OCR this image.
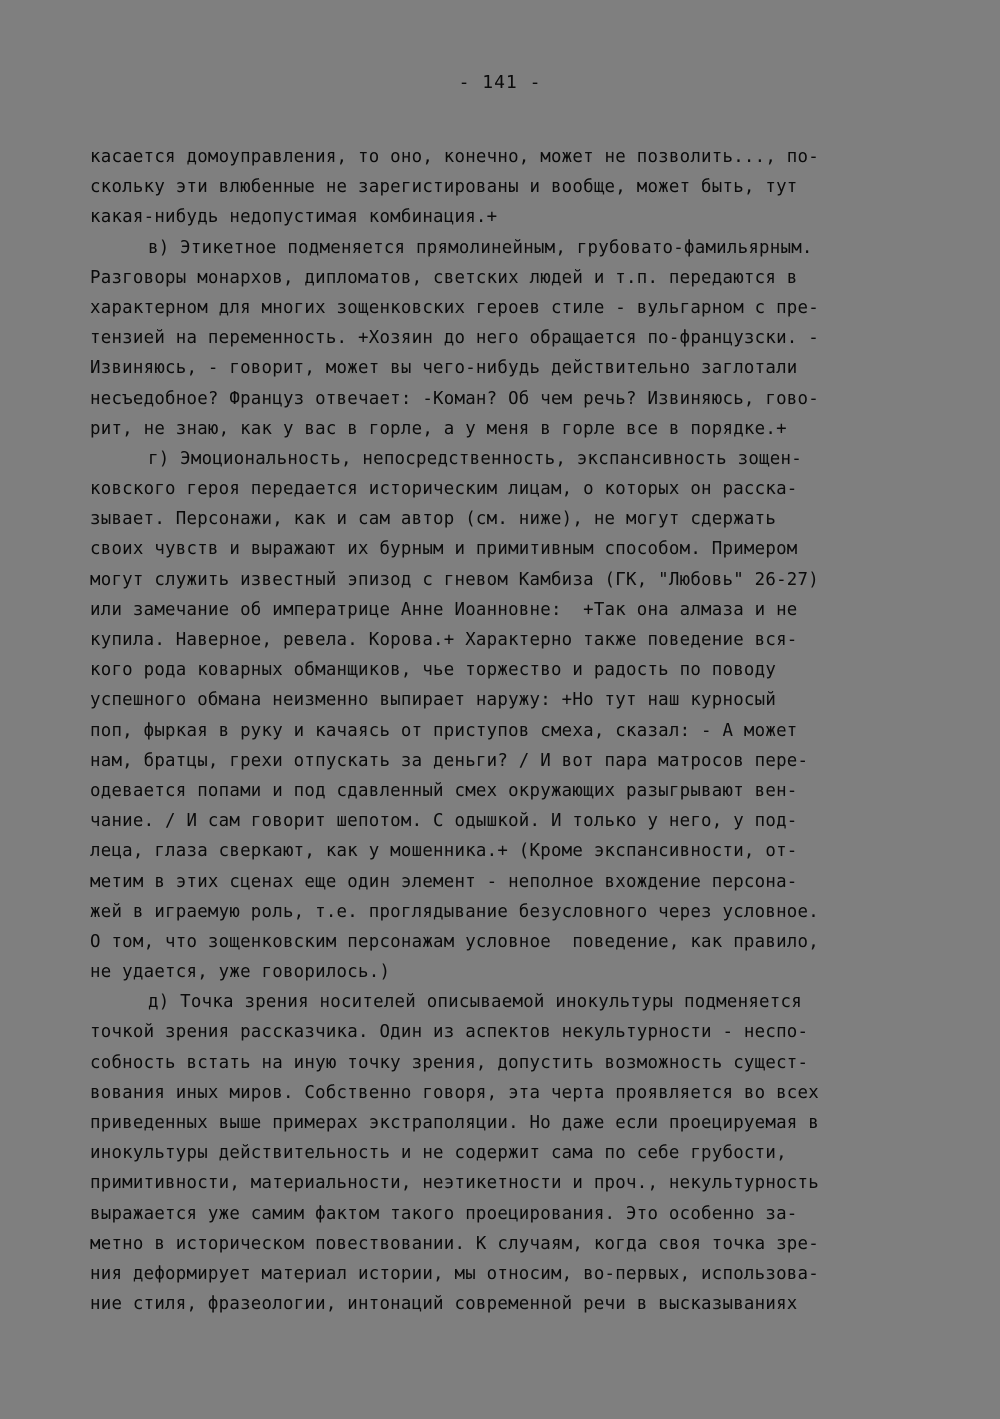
- 141 -
касается домоуправления, то оно, конечно, может не позволить..., по-
скольку эти влюбенные не зарегистированы и вообще, может быть, тут
какая-нибудь недопустимая комбинация.+
в) Этикетное подменяется прямолинейным, грубовато-фамильярным.
Разговоры монархов, дипломатов, светских людей и т.п. передаются в
характерном для многих зощенковских героев стиле - вульгарном с пре-
тензией на переменность. +Хозяин до него обращается по-французски. -
Извиняюсь, - говорит, может вы чего-нибудь действительно заглотали
несъедобное? Француз отвечает: -Коман? Об чем речь? Извиняюсь, гово-
рит, не знаю, как у вас в горле, а у меня в горле все в порядке.+
г) Эмоциональность, непосредственность, экспансивность зощен-
ковского героя передается историческим лицам, о которых он расска-
зывает. Персонажи, как и сам автор (см. ниже), не могут сдержать
своих чувств и выражают их бурным и примитивным способом. Примером
могут служить известный эпизод с гневом Камбиза (ГК, "Любовь" 26-27)
или замечание об императрице Анне Иоанновне:  +Так она алмаза и не
купила. Наверное, ревела. Корова.+ Характерно также поведение вся-
кого рода коварных обманщиков, чье торжество и радость по поводу
успешного обмана неизменно выпирает наружу: +Но тут наш курносый
поп, фыркая в руку и качаясь от приступов смеха, сказал: - А может
нам, братцы, грехи отпускать за деньги? / И вот пара матросов пере-
одевается попами и под сдавленный смех окружающих разыгрывают вен-
чание. / И сам говорит шепотом. С одышкой. И только у него, у под-
леца, глаза сверкают, как у мошенника.+ (Кроме экспансивности, от-
метим в этих сценах еще один элемент - неполное вхождение персона-
жей в играемую роль, т.е. проглядывание безусловного через условное.
О том, что зощенковским персонажам условное  поведение, как правило,
не удается, уже говорилось.)
д) Точка зрения носителей описываемой инокультуры подменяется
точкой зрения рассказчика. Один из аспектов некультурности - неспо-
собность встать на иную точку зрения, допустить возможность сущест-
вования иных миров. Собственно говоря, эта черта проявляется во всех
приведенных выше примерах экстраполяции. Но даже если проецируемая в
инокультуры действительность и не содержит сама по себе грубости,
примитивности, материальности, неэтикетности и проч., некультурность
выражается уже самим фактом такого проецирования. Это особенно за-
метно в историческом повествовании. К случаям, когда своя точка зре-
ния деформирует материал истории, мы относим, во-первых, использова-
ние стиля, фразеологии, интонаций современной речи в высказываниях
